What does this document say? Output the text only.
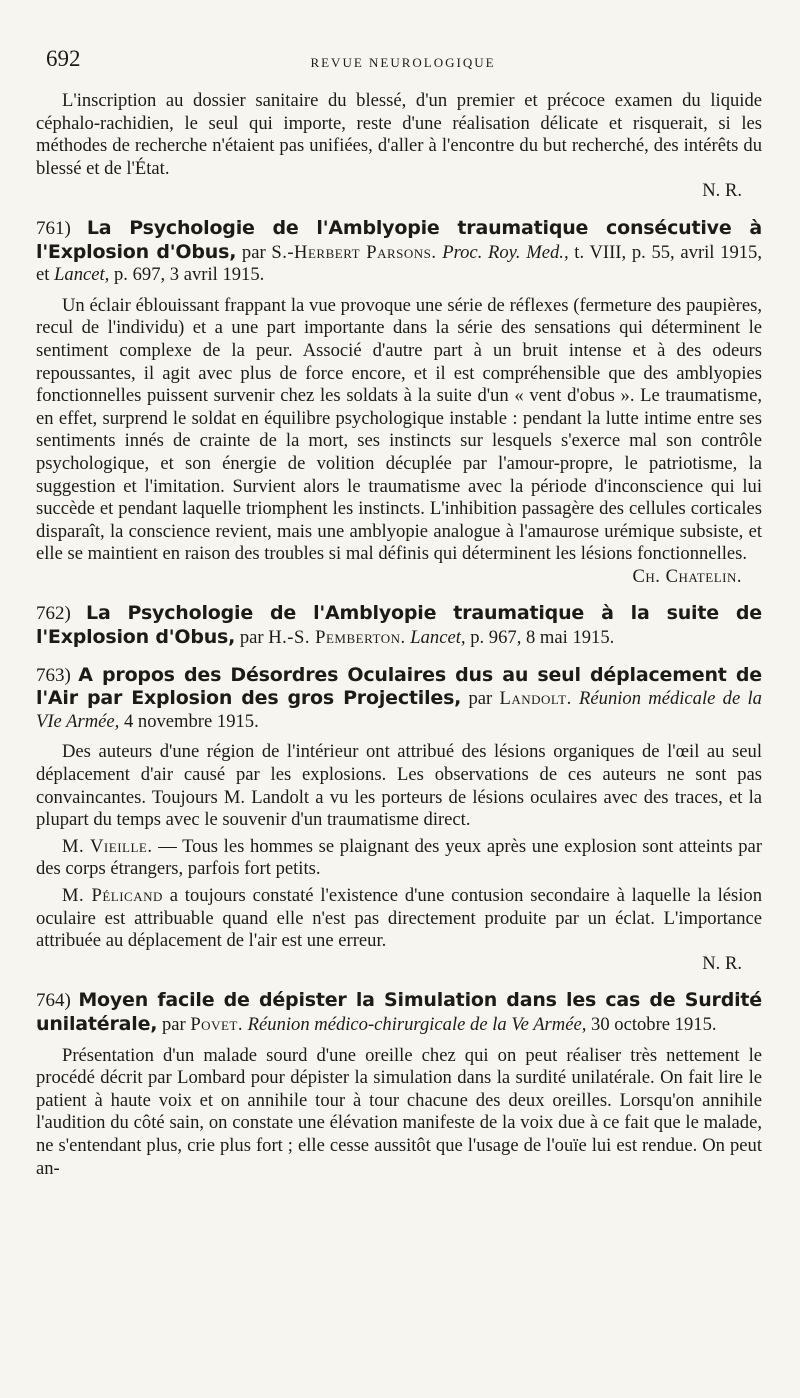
692	REVUE NEUROLOGIQUE

L'inscription au dossier sanitaire du blessé, d'un premier et précoce examen du liquide céphalo-rachidien, le seul qui importe, reste d'une réalisation délicate et risquerait, si les méthodes de recherche n'étaient pas unifiées, d'aller à l'encontre du but recherché, des intérêts du blessé et de l'État.

N. R.

761) La Psychologie de l'Amblyopie traumatique consécutive à l'Explosion d'Obus, par S.-Herbert Parsons. Proc. Roy. Med., t. VIII, p. 55, avril 1915, et Lancet, p. 697, 3 avril 1915.

Un éclair éblouissant frappant la vue provoque une série de réflexes (fermeture des paupières, recul de l'individu) et a une part importante dans la série des sensations qui déterminent le sentiment complexe de la peur. Associé d'autre part à un bruit intense et à des odeurs repoussantes, il agit avec plus de force encore, et il est compréhensible que des amblyopies fonctionnelles puissent survenir chez les soldats à la suite d'un « vent d'obus ». Le traumatisme, en effet, surprend le soldat en équilibre psychologique instable : pendant la lutte intime entre ses sentiments innés de crainte de la mort, ses instincts sur lesquels s'exerce mal son contrôle psychologique, et son énergie de volition décuplée par l'amour-propre, le patriotisme, la suggestion et l'imitation. Survient alors le traumatisme avec la période d'inconscience qui lui succède et pendant laquelle triomphent les instincts. L'inhibition passagère des cellules corticales disparaît, la conscience revient, mais une amblyopie analogue à l'amaurose urémique subsiste, et elle se maintient en raison des troubles si mal définis qui déterminent les lésions fonctionnelles.

Ch. Chatelin.

762) La Psychologie de l'Amblyopie traumatique à la suite de l'Explosion d'Obus, par H.-S. Pemberton. Lancet, p. 967, 8 mai 1915.

763) A propos des Désordres Oculaires dus au seul déplacement de l'Air par Explosion des gros Projectiles, par Landolt. Réunion médicale de la VIe Armée, 4 novembre 1915.

Des auteurs d'une région de l'intérieur ont attribué des lésions organiques de l'œil au seul déplacement d'air causé par les explosions. Les observations de ces auteurs ne sont pas convaincantes. Toujours M. Landolt a vu les porteurs de lésions oculaires avec des traces, et la plupart du temps avec le souvenir d'un traumatisme direct.

M. Vieille. — Tous les hommes se plaignant des yeux après une explosion sont atteints par des corps étrangers, parfois fort petits.

M. Pélicand a toujours constaté l'existence d'une contusion secondaire à laquelle la lésion oculaire est attribuable quand elle n'est pas directement produite par un éclat. L'importance attribuée au déplacement de l'air est une erreur.

N. R.

764) Moyen facile de dépister la Simulation dans les cas de Surdité unilatérale, par Povet. Réunion médico-chirurgicale de la Ve Armée, 30 octobre 1915.

Présentation d'un malade sourd d'une oreille chez qui on peut réaliser très nettement le procédé décrit par Lombard pour dépister la simulation dans la surdité unilatérale. On fait lire le patient à haute voix et on annihile tour à tour chacune des deux oreilles. Lorsqu'on annihile l'audition du côté sain, on constate une élévation manifeste de la voix due à ce fait que le malade, ne s'entendant plus, crie plus fort ; elle cesse aussitôt que l'usage de l'ouïe lui est rendue. On peut an-
